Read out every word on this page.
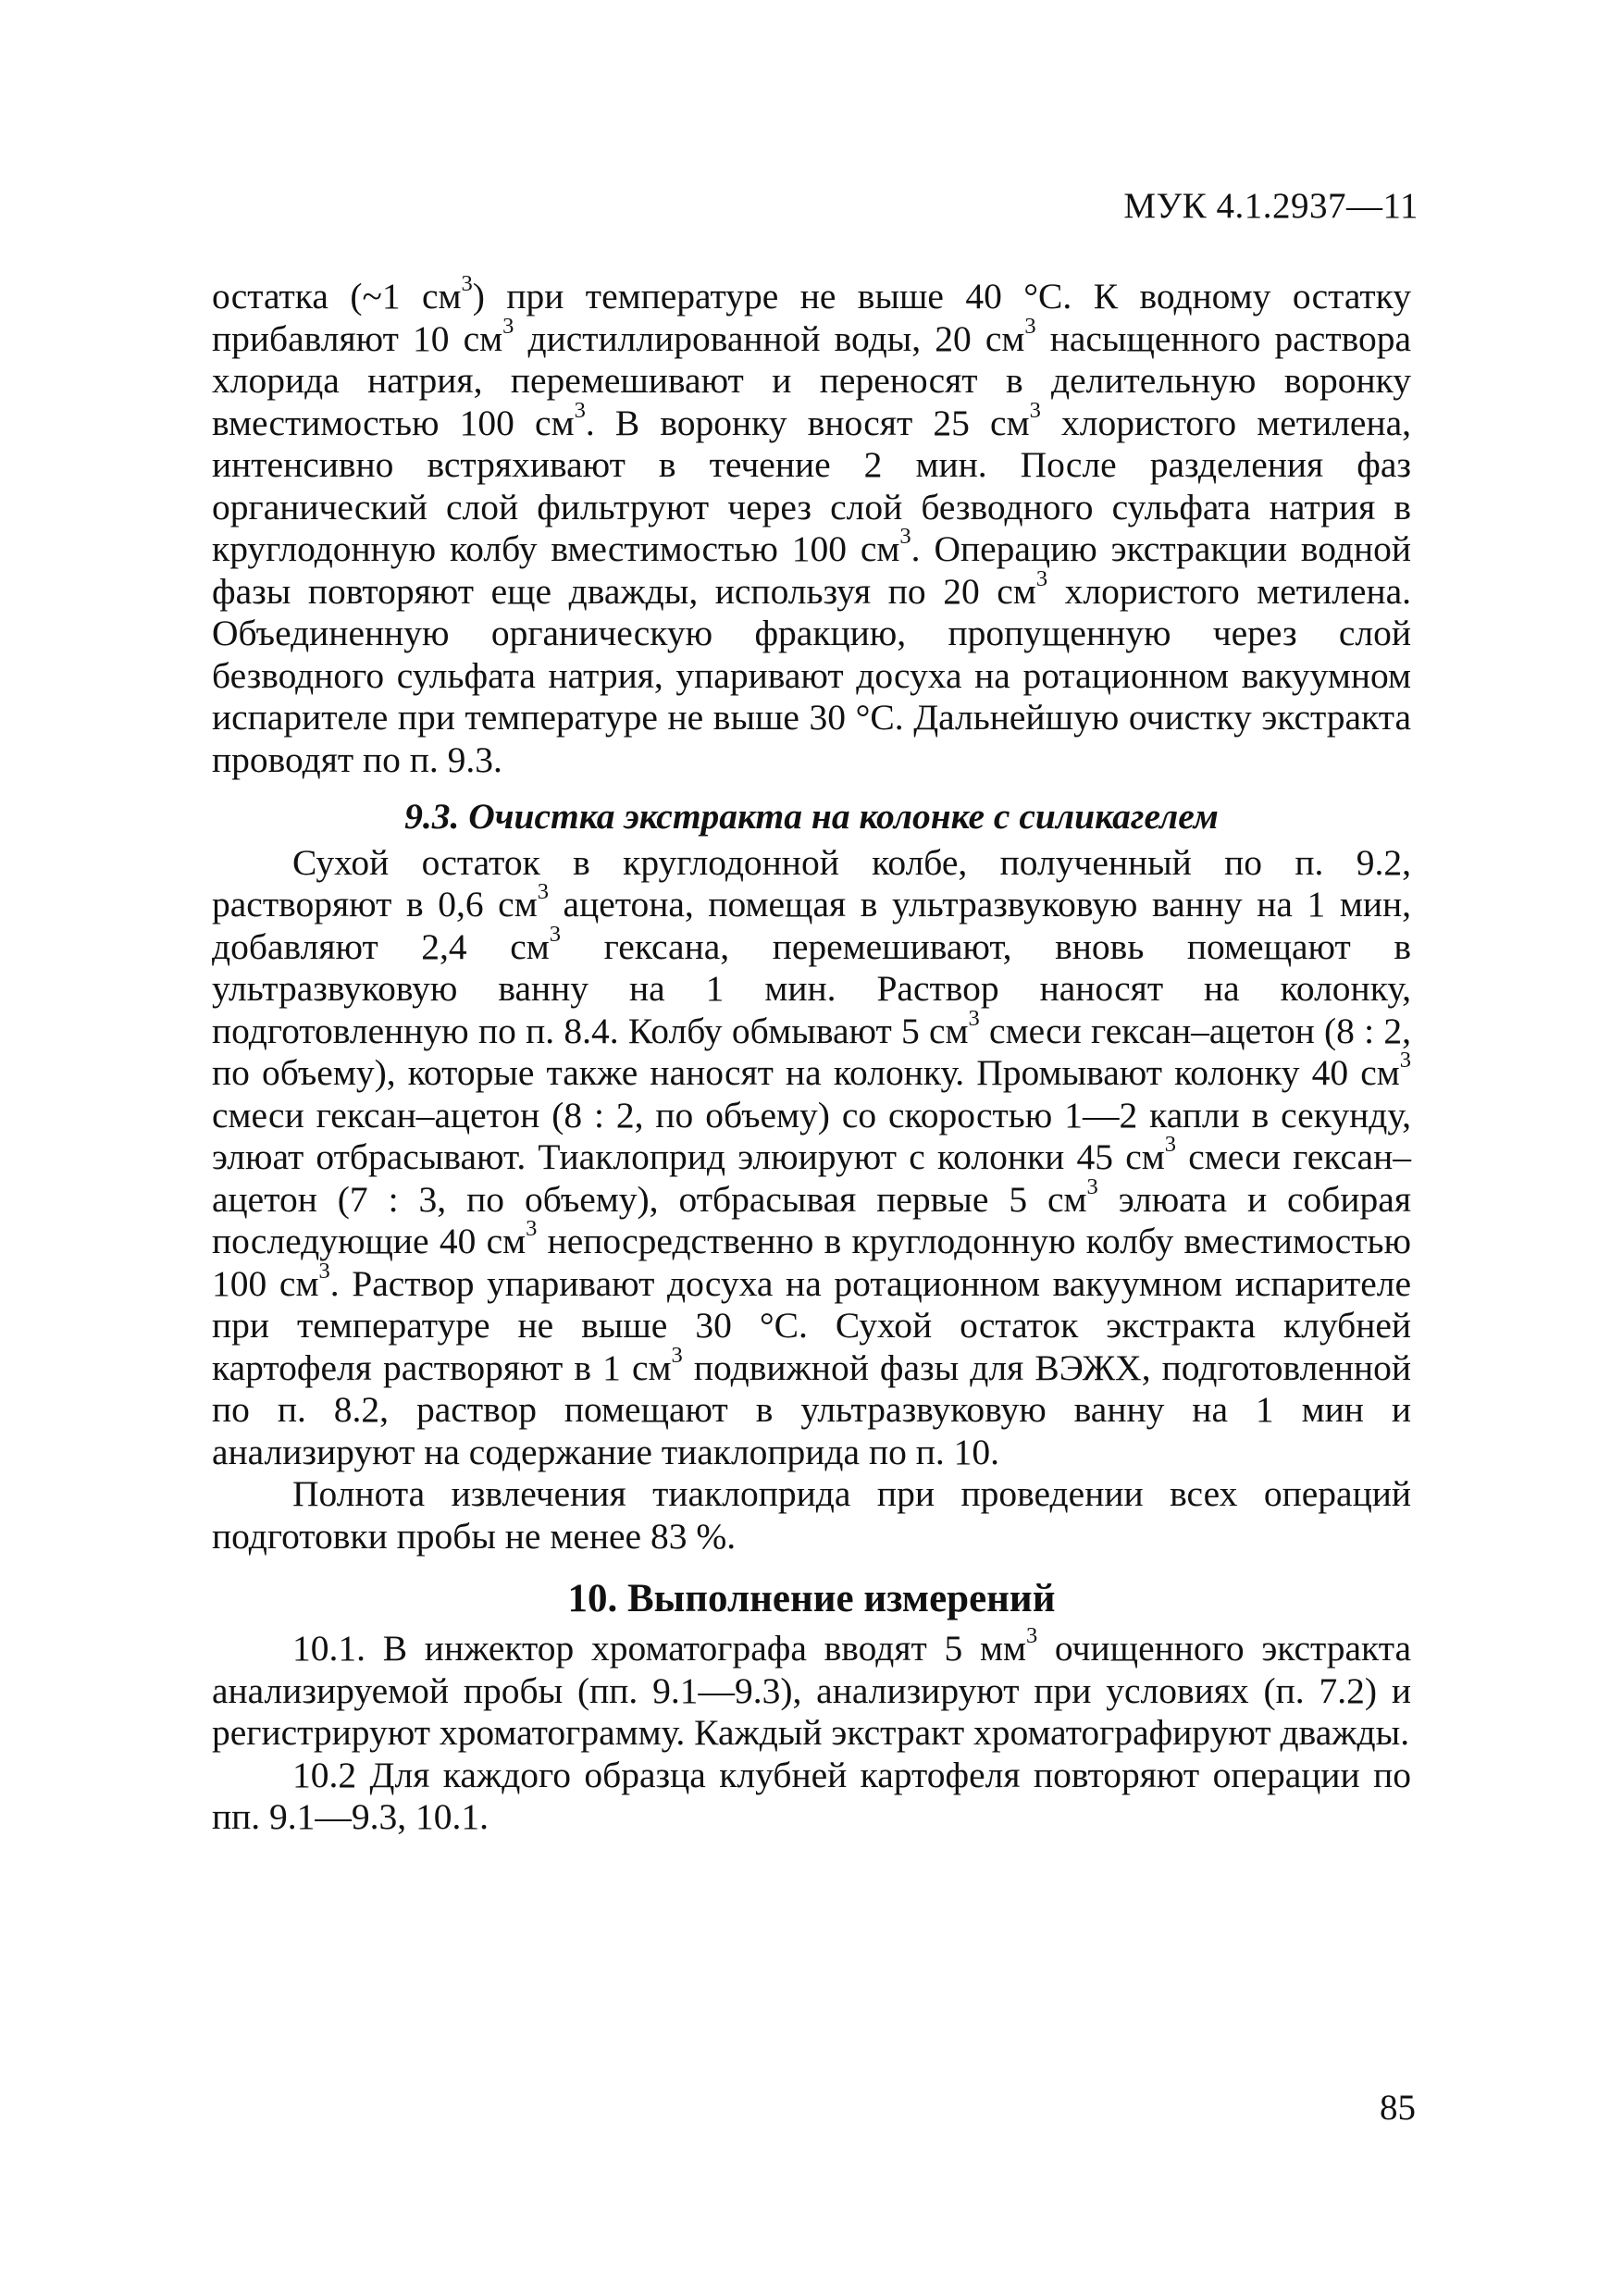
МУК 4.1.2937—11

остатка (~1 $см^3$) при температуре не выше 40 °С. К водному остатку прибавляют 10 $см^3$ дистиллированной воды, 20 $см^3$ насыщенного раствора хлорида натрия, перемешивают и переносят в делительную воронку вместимостью 100 $см^3$. В воронку вносят 25 $см^3$ хлористого метилена, интенсивно встряхивают в течение 2 мин. После разделения фаз органический слой фильтруют через слой безводного сульфата натрия в круглодонную колбу вместимостью 100 $см^3$. Операцию экстракции водной фазы повторяют еще дважды, используя по 20 $см^3$ хлористого метилена. Объединенную органическую фракцию, пропущенную через слой безводного сульфата натрия, упаривают досуха на ротационном вакуумном испарителе при температуре не выше 30 °С. Дальнейшую очистку экстракта проводят по п. 9.3.

9.3. Очистка экстракта на колонке с силикагелем

Сухой остаток в круглодонной колбе, полученный по п. 9.2, растворяют в 0,6 $см^3$ ацетона, помещая в ультразвуковую ванну на 1 мин, добавляют 2,4 $см^3$ гексана, перемешивают, вновь помещают в ультразвуковую ванну на 1 мин. Раствор наносят на колонку, подготовленную по п. 8.4. Колбу обмывают 5 $см^3$ смеси гексан–ацетон (8 : 2, по объему), которые также наносят на колонку. Промывают колонку 40 $см^3$ смеси гексан–ацетон (8 : 2, по объему) со скоростью 1—2 капли в секунду, элюат отбрасывают. Тиаклоприд элюируют с колонки 45 $см^3$ смеси гексан–ацетон (7 : 3, по объему), отбрасывая первые 5 $см^3$ элюата и собирая последующие 40 $см^3$ непосредственно в круглодонную колбу вместимостью 100 $см^3$. Раствор упаривают досуха на ротационном вакуумном испарителе при температуре не выше 30 °С. Сухой остаток экстракта клубней картофеля растворяют в 1 $см^3$ подвижной фазы для ВЭЖХ, подготовленной по п. 8.2, раствор помещают в ультразвуковую ванну на 1 мин и анализируют на содержание тиаклоприда по п. 10.

Полнота извлечения тиаклоприда при проведении всех операций подготовки пробы не менее 83 %.

10. Выполнение измерений

10.1. В инжектор хроматографа вводят 5 $мм^3$ очищенного экстракта анализируемой пробы (пп. 9.1—9.3), анализируют при условиях (п. 7.2) и регистрируют хроматограмму. Каждый экстракт хроматографируют дважды.

10.2 Для каждого образца клубней картофеля повторяют операции по пп. 9.1—9.3, 10.1.

85
